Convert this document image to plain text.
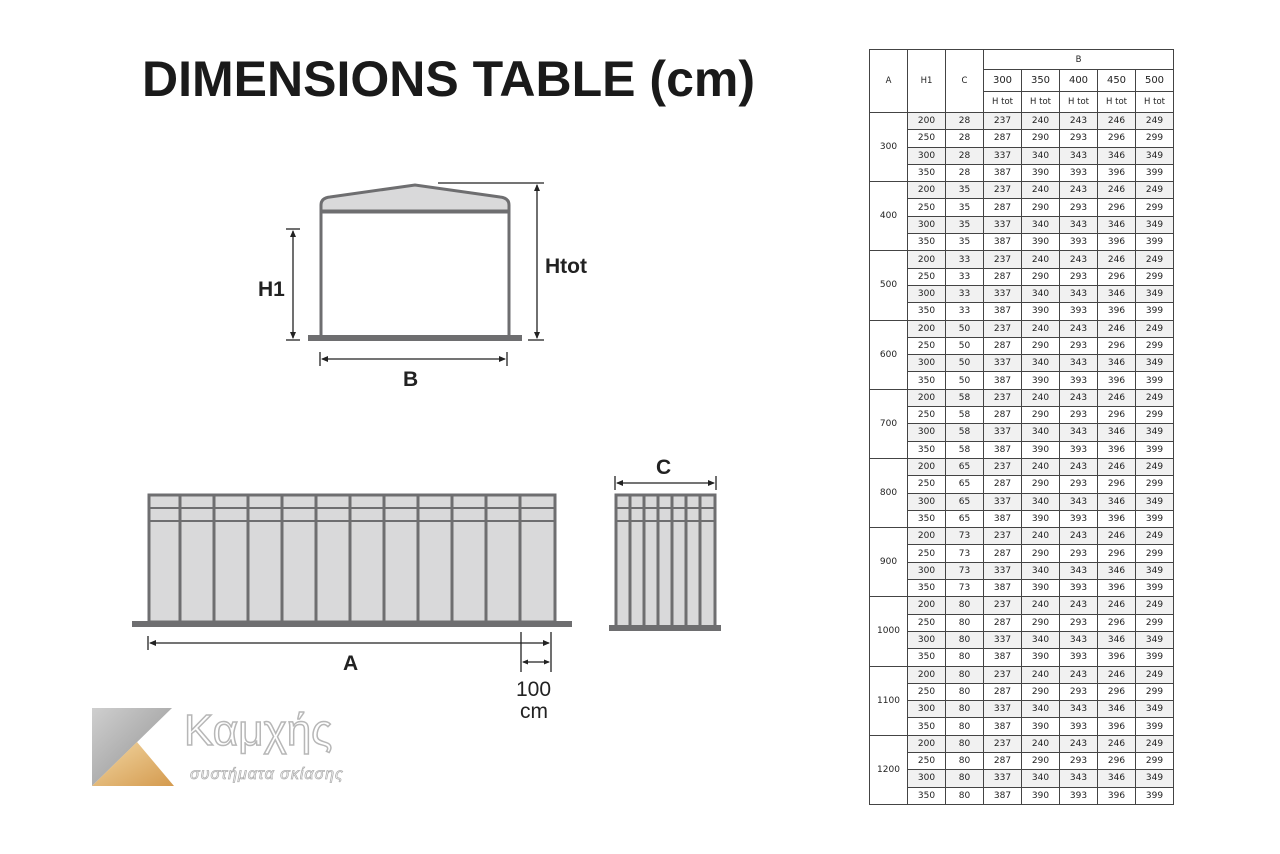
DIMENSIONS TABLE (cm)
H1
Htot
B
A
100
cm
C
Καμχής
συστήματα σκίασης
A	H1	C	B				
			300	350	400	450	500
			H tot	H tot	H tot	H tot	H tot
300	200	28	237	240	243	246	249
	250	28	287	290	293	296	299
	300	28	337	340	343	346	349
	350	28	387	390	393	396	399
400	200	35	237	240	243	246	249
	250	35	287	290	293	296	299
	300	35	337	340	343	346	349
	350	35	387	390	393	396	399
500	200	33	237	240	243	246	249
	250	33	287	290	293	296	299
	300	33	337	340	343	346	349
	350	33	387	390	393	396	399
600	200	50	237	240	243	246	249
	250	50	287	290	293	296	299
	300	50	337	340	343	346	349
	350	50	387	390	393	396	399
700	200	58	237	240	243	246	249
	250	58	287	290	293	296	299
	300	58	337	340	343	346	349
	350	58	387	390	393	396	399
800	200	65	237	240	243	246	249
	250	65	287	290	293	296	299
	300	65	337	340	343	346	349
	350	65	387	390	393	396	399
900	200	73	237	240	243	246	249
	250	73	287	290	293	296	299
	300	73	337	340	343	346	349
	350	73	387	390	393	396	399
1000	200	80	237	240	243	246	249
	250	80	287	290	293	296	299
	300	80	337	340	343	346	349
	350	80	387	390	393	396	399
1100	200	80	237	240	243	246	249
	250	80	287	290	293	296	299
	300	80	337	340	343	346	349
	350	80	387	390	393	396	399
1200	200	80	237	240	243	246	249
	250	80	287	290	293	296	299
	300	80	337	340	343	346	349
	350	80	387	390	393	396	399
